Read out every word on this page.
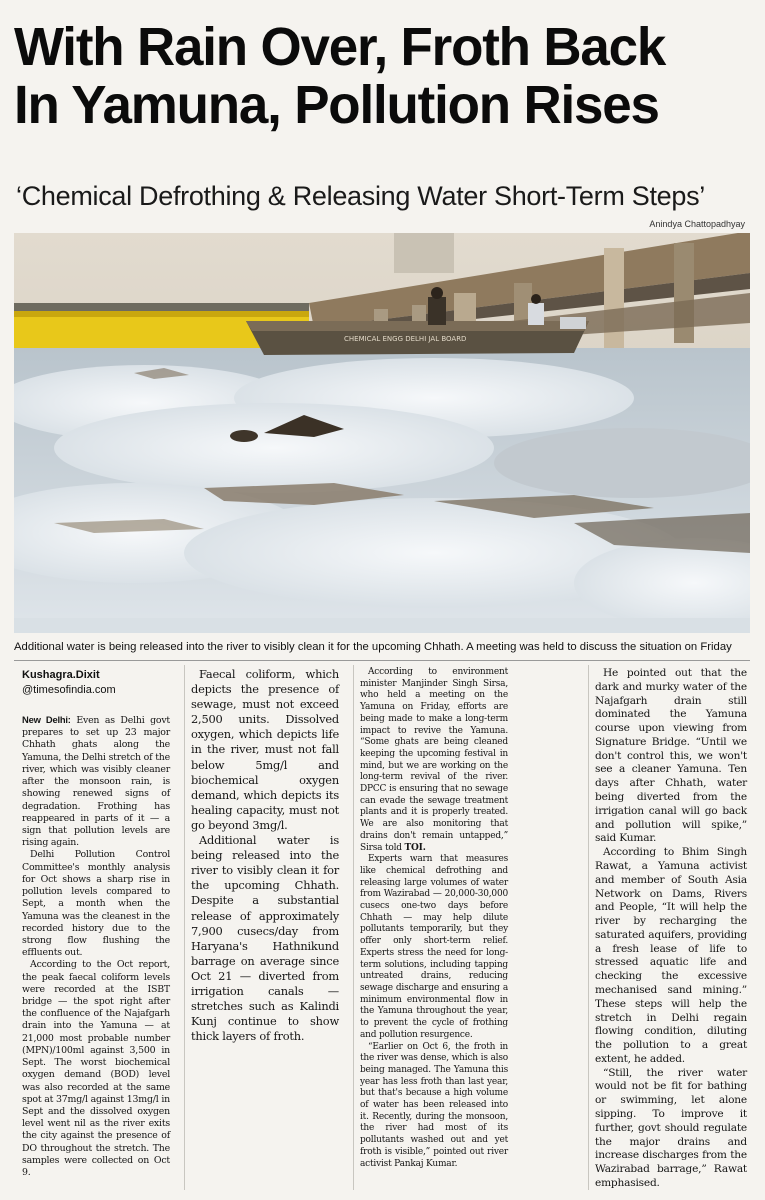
With Rain Over, Froth Back
In Yamuna, Pollution Rises
‘Chemical Defrothing & Releasing Water Short-Term Steps’
Anindya Chattopadhyay
CHEMICAL ENGG DELHI JAL BOARD
Additional water is being released into the river to visibly clean it for the upcoming Chhath. A meeting was held to discuss the situation on Friday
Kushagra.Dixit
@timesofindia.com

New Delhi: Even as Delhi govt prepares to set up 23 major Chhath ghats along the Yamuna, the Delhi stretch of the river, which was visibly cleaner after the monsoon rain, is showing renewed signs of degradation. Frothing has reappeared in parts of it — a sign that pollution levels are rising again.

Delhi Pollution Control Committee's monthly analysis for Oct shows a sharp rise in pollution levels compared to Sept, a month when the Yamuna was the cleanest in the recorded history due to the strong flow flushing the effluents out.

According to the Oct report, the peak faecal coliform levels were recorded at the ISBT bridge — the spot right after the confluence of the Najafgarh drain into the Yamuna — at 21,000 most probable number (MPN)/100ml against 3,500 in Sept. The worst biochemical oxygen demand (BOD) level was also recorded at the same spot at 37mg/l against 13mg/l in Sept and the dissolved oxygen level went nil as the river exits the city against the presence of DO throughout the stretch. The samples were collected on Oct 9.

Faecal coliform, which depicts the presence of sewage, must not exceed 2,500 units. Dissolved oxygen, which depicts life in the river, must not fall below 5mg/l and biochemical oxygen demand, which depicts its healing capacity, must not go beyond 3mg/l.

Additional water is being released into the river to visibly clean it for the upcoming Chhath. Despite a substantial release of approximately 7,900 cusecs/day from Haryana's Hathnikund barrage on average since Oct 21 — diverted from irrigation canals — stretches such as Kalindi Kunj continue to show thick layers of froth.

According to environment minister Manjinder Singh Sirsa, who held a meeting on the Yamuna on Friday, efforts are being made to make a long-term impact to revive the Yamuna. “Some ghats are being cleaned keeping the upcoming festival in mind, but we are working on the long-term revival of the river. DPCC is ensuring that no sewage can evade the sewage treatment plants and it is properly treated. We are also monitoring that drains don't remain untapped,” Sirsa told TOI.

Experts warn that measures like chemical defrothing and releasing large volumes of water from Wazirabad — 20,000-30,000 cusecs one-two days before Chhath — may help dilute pollutants temporarily, but they offer only short-term relief. Experts stress the need for long-term solutions, including tapping untreated drains, reducing sewage discharge and ensuring a minimum environmental flow in the Yamuna throughout the year, to prevent the cycle of frothing and pollution resurgence.

“Earlier on Oct 6, the froth in the river was dense, which is also being managed. The Yamuna this year has less froth than last year, but that's because a high volume of water has been released into it. Recently, during the monsoon, the river had most of its pollutants washed out and yet froth is visible,” pointed out river activist Pankaj Kumar.

He pointed out that the dark and murky water of the Najafgarh drain still dominated the Yamuna course upon viewing from Signature Bridge. “Until we don't control this, we won't see a cleaner Yamuna. Ten days after Chhath, water being diverted from the irrigation canal will go back and pollution will spike,” said Kumar.

According to Bhim Singh Rawat, a Yamuna activist and member of South Asia Network on Dams, Rivers and People, “It will help the river by recharging the saturated aquifers, providing a fresh lease of life to stressed aquatic life and checking the excessive mechanised sand mining.” These steps will help the stretch in Delhi regain flowing condition, diluting the pollution to a great extent, he added.

“Still, the river water would not be fit for bathing or swimming, let alone sipping. To improve it further, govt should regulate the major drains and increase discharges from the Wazirabad barrage,” Rawat emphasised.
